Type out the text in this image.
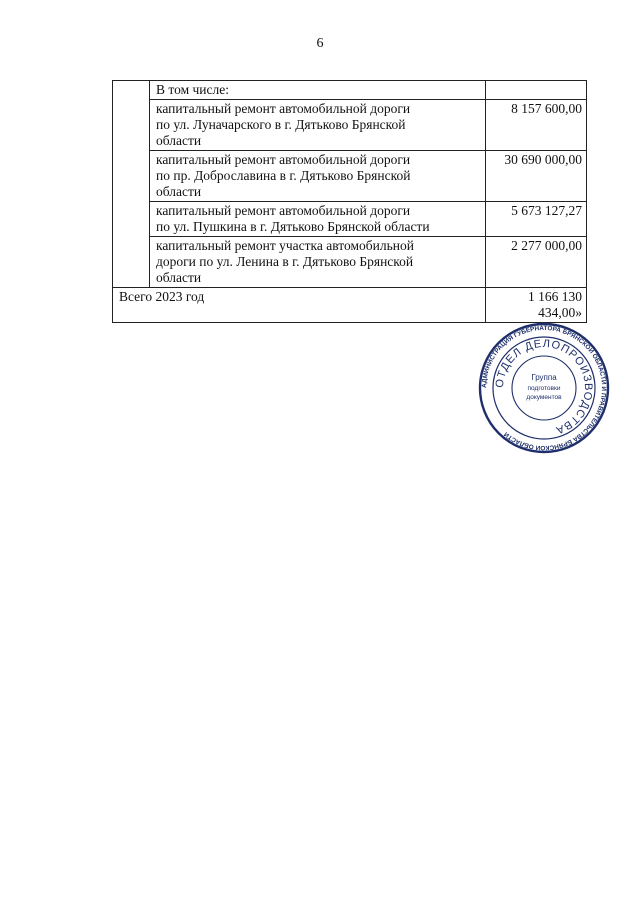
6
	В том числе:	

	капитальный ремонт автомобильной дороги
по ул. Луначарского в г. Дятьково Брянской
области	8 157 600,00

	капитальный ремонт автомобильной дороги
по пр. Доброславина в г. Дятьково Брянской
области	30 690 000,00

	капитальный ремонт автомобильной дороги
по ул. Пушкина в г. Дятьково Брянской области	5 673 127,27

	капитальный ремонт участка автомобильной
дороги по ул. Ленина в г. Дятьково Брянской
области	2 277 000,00
Всего 2023 год		1 166 130 434,00»
АДМИНИСТРАЦИЯ ГУБЕРНАТОРА БРЯНСКОЙ ОБЛАСТИ И ПРАВИТЕЛЬСТВА БРЯНСКОЙ ОБЛАСТИ
ОТДЕЛ ДЕЛОПРОИЗВОДСТВА
Группа
подготовки
документов
